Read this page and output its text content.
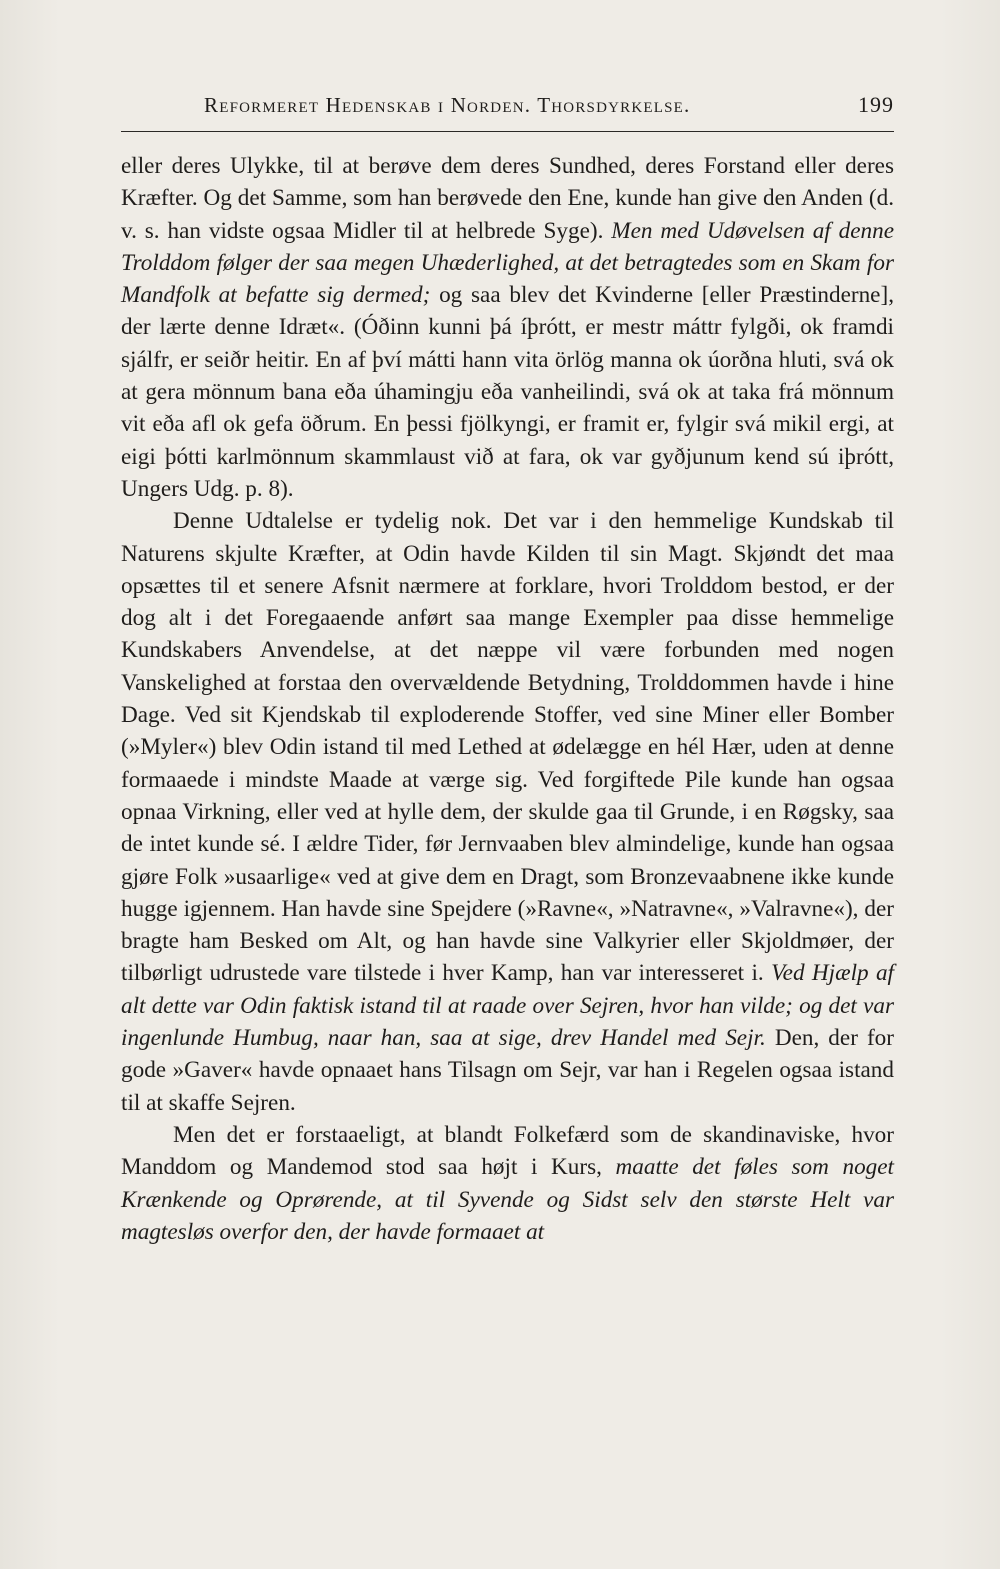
Reformeret Hedenskab i Norden. Thorsdyrkelse.	199

eller deres Ulykke, til at berøve dem deres Sundhed, deres Forstand eller deres Kræfter. Og det Samme, som han berøvede den Ene, kunde han give den Anden (d. v. s. han vidste ogsaa Midler til at helbrede Syge). Men med Udøvelsen af denne Trolddom følger der saa megen Uhæderlighed, at det betragtedes som en Skam for Mandfolk at befatte sig dermed; og saa blev det Kvinderne [eller Præstinderne], der lærte denne Idræt«. (Óðinn kunni þá íþrótt, er mestr máttr fylgði, ok framdi sjálfr, er seiðr heitir. En af því mátti hann vita örlög manna ok úorðna hluti, svá ok at gera mönnum bana eða úhamingju eða vanheilindi, svá ok at taka frá mönnum vit eða afl ok gefa öðrum. En þessi fjölkyngi, er framit er, fylgir svá mikil ergi, at eigi þótti karlmönnum skammlaust við at fara, ok var gyðjunum kend sú iþrótt, Ungers Udg. p. 8).

Denne Udtalelse er tydelig nok. Det var i den hemmelige Kundskab til Naturens skjulte Kræfter, at Odin havde Kilden til sin Magt. Skjøndt det maa opsættes til et senere Afsnit nærmere at forklare, hvori Trolddom bestod, er der dog alt i det Foregaaende anført saa mange Exempler paa disse hemmelige Kundskabers Anvendelse, at det næppe vil være forbunden med nogen Vanskelighed at forstaa den overvældende Betydning, Trolddommen havde i hine Dage. Ved sit Kjendskab til exploderende Stoffer, ved sine Miner eller Bomber (»Myler«) blev Odin istand til med Lethed at ødelægge en hél Hær, uden at denne formaaede i mindste Maade at værge sig. Ved forgiftede Pile kunde han ogsaa opnaa Virkning, eller ved at hylle dem, der skulde gaa til Grunde, i en Røgsky, saa de intet kunde sé. I ældre Tider, før Jernvaaben blev almindelige, kunde han ogsaa gjøre Folk »usaarlige« ved at give dem en Dragt, som Bronzevaabnene ikke kunde hugge igjennem. Han havde sine Spejdere (»Ravne«, »Natravne«, »Valravne«), der bragte ham Besked om Alt, og han havde sine Valkyrier eller Skjoldmøer, der tilbørligt udrustede vare tilstede i hver Kamp, han var interesseret i. Ved Hjælp af alt dette var Odin faktisk istand til at raade over Sejren, hvor han vilde; og det var ingenlunde Humbug, naar han, saa at sige, drev Handel med Sejr. Den, der for gode »Gaver« havde opnaaet hans Tilsagn om Sejr, var han i Regelen ogsaa istand til at skaffe Sejren.

Men det er forstaaeligt, at blandt Folkefærd som de skandinaviske, hvor Manddom og Mandemod stod saa højt i Kurs, maatte det føles som noget Krænkende og Oprørende, at til Syvende og Sidst selv den største Helt var magtesløs overfor den, der havde formaaet at
